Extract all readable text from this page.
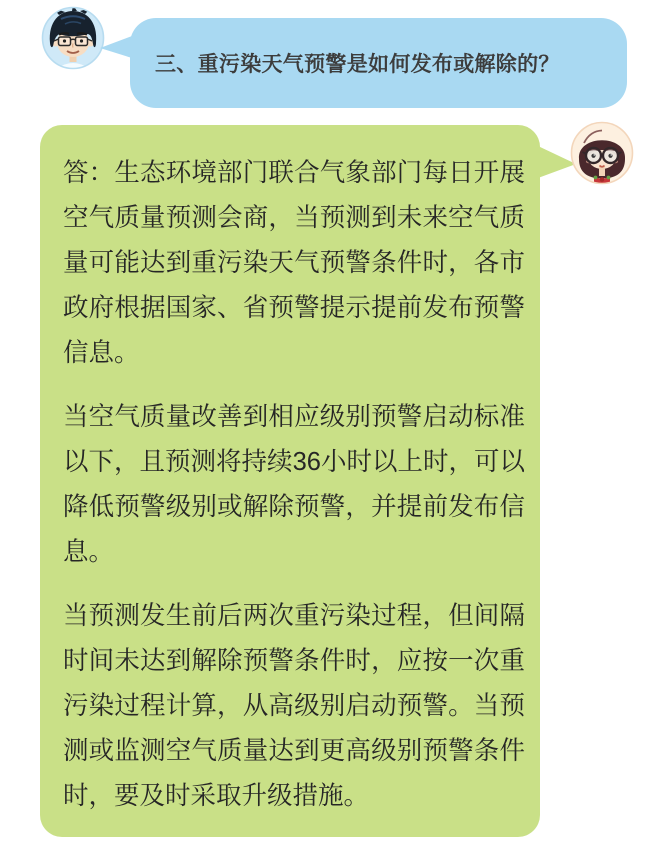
三、重污染天气预警是如何发布或解除的？

答：生态环境部门联合气象部门每日开展空气质量预测会商，当预测到未来空气质量可能达到重污染天气预警条件时，各市政府根据国家、省预警提示提前发布预警信息。

当空气质量改善到相应级别预警启动标准以下，且预测将持续36小时以上时，可以降低预警级别或解除预警，并提前发布信息。

当预测发生前后两次重污染过程，但间隔时间未达到解除预警条件时，应按一次重污染过程计算，从高级别启动预警。当预测或监测空气质量达到更高级别预警条件时，要及时采取升级措施。
